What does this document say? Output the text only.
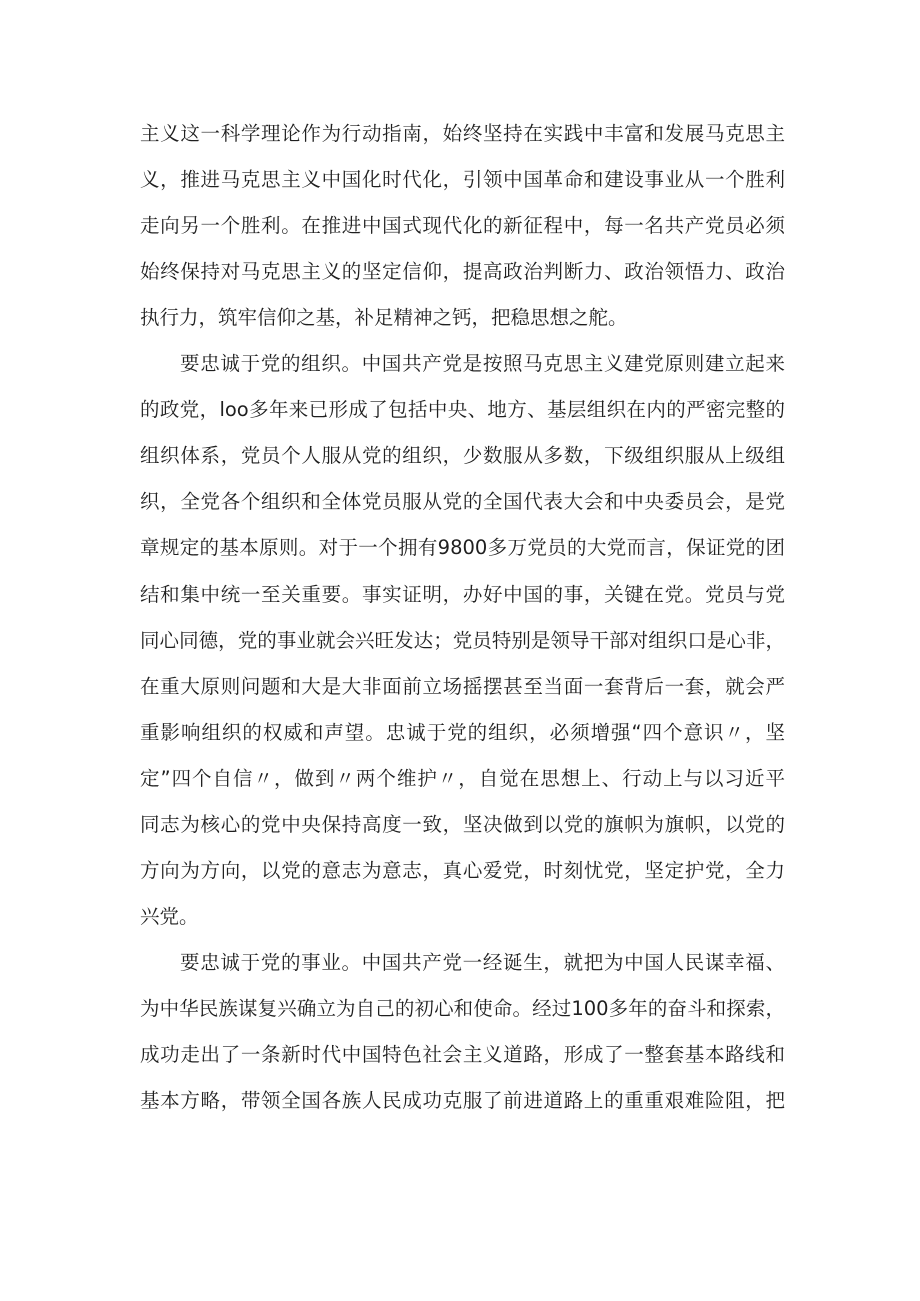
主义这一科学理论作为行动指南，始终坚持在实践中丰富和发展马克思主
义，推进马克思主义中国化时代化，引领中国革命和建设事业从一个胜利
走向另一个胜利。在推进中国式现代化的新征程中，每一名共产党员必须
始终保持对马克思主义的坚定信仰，提高政治判断力、政治领悟力、政治
执行力，筑牢信仰之基，补足精神之钙，把稳思想之舵。
要忠诚于党的组织。中国共产党是按照马克思主义建党原则建立起来
的政党，loo多年来已形成了包括中央、地方、基层组织在内的严密完整的
组织体系，党员个人服从党的组织，少数服从多数，下级组织服从上级组
织，全党各个组织和全体党员服从党的全国代表大会和中央委员会，是党
章规定的基本原则。对于一个拥有9800多万党员的大党而言，保证党的团
结和集中统一至关重要。事实证明，办好中国的事，关键在党。党员与党
同心同德，党的事业就会兴旺发达；党员特别是领导干部对组织口是心非，
在重大原则问题和大是大非面前立场摇摆甚至当面一套背后一套，就会严
重影响组织的权威和声望。忠诚于党的组织，必须增强“四个意识〃，坚
定”四个自信〃，做到〃两个维护〃，自觉在思想上、行动上与以习近平
同志为核心的党中央保持高度一致，坚决做到以党的旗帜为旗帜，以党的
方向为方向，以党的意志为意志，真心爱党，时刻忧党，坚定护党，全力
兴党。
要忠诚于党的事业。中国共产党一经诞生，就把为中国人民谋幸福、
为中华民族谋复兴确立为自己的初心和使命。经过100多年的奋斗和探索，
成功走出了一条新时代中国特色社会主义道路，形成了一整套基本路线和
基本方略，带领全国各族人民成功克服了前进道路上的重重艰难险阻，把
